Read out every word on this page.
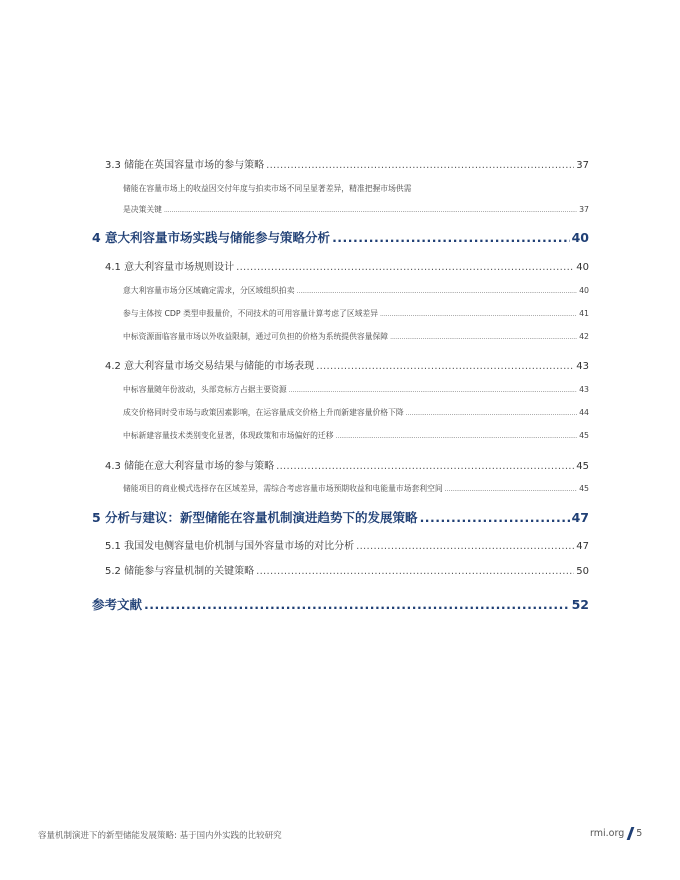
3.3 储能在英国容量市场的参与策略 .....	37
储能在容量市场上的收益因交付年度与拍卖市场不同呈显著差异，精准把握市场供需
是决策关键 .....	37
4 意大利容量市场实践与储能参与策略分析 .....	40
4.1 意大利容量市场规则设计 .....	40
意大利容量市场分区域确定需求，分区域组织拍卖 .....	40
参与主体按 CDP 类型申报量价，不同技术的可用容量计算考虑了区域差异 .....	41
中标资源面临容量市场以外收益限制，通过可负担的价格为系统提供容量保障 .....	42
4.2 意大利容量市场交易结果与储能的市场表现 .....	43
中标容量随年份波动，头部竞标方占据主要资源 .....	43
成交价格同时受市场与政策因素影响，在运容量成交价格上升而新建容量价格下降 .....	44
中标新建容量技术类别变化显著，体现政策和市场偏好的迁移 .....	45
4.3 储能在意大利容量市场的参与策略 .....	45
储能项目的商业模式选择存在区域差异，需综合考虑容量市场预期收益和电能量市场套利空间 .....	45
5 分析与建议：新型储能在容量机制演进趋势下的发展策略 .....	47
5.1 我国发电侧容量电价机制与国外容量市场的对比分析 .....	47
5.2 储能参与容量机制的关键策略 .....	50
参考文献 .....	52
容量机制演进下的新型储能发展策略: 基于国内外实践的比较研究	rmi.org 5
